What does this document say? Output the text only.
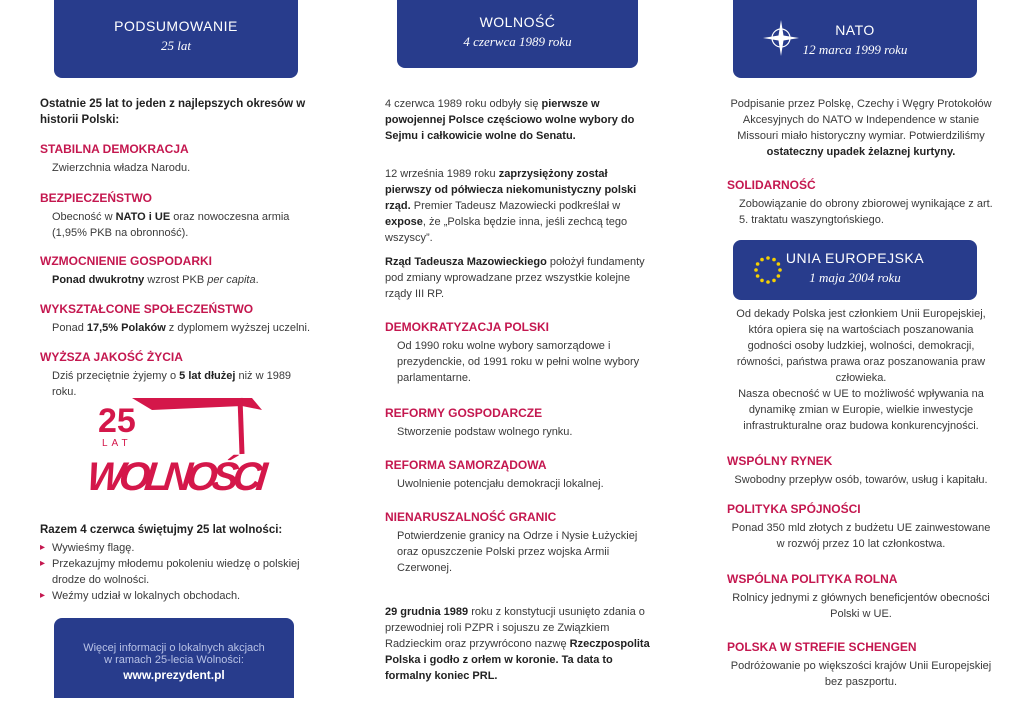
PODSUMOWANIE
25 lat
Ostatnie 25 lat to jeden z najlepszych okresów w historii Polski:
STABILNA DEMOKRACJA
Zwierzchnia władza Narodu.
BEZPIECZEŃSTWO
Obecność w NATO i UE oraz nowoczesna armia (1,95% PKB na obronność).
WZMOCNIENIE GOSPODARKI
Ponad dwukrotny wzrost PKB per capita.
WYKSZTAŁCONE SPOŁECZEŃSTWO
Ponad 17,5% Polaków z dyplomem wyższej uczelni.
WYŻSZA JAKOŚĆ ŻYCIA
Dziś przeciętnie żyjemy o 5 lat dłużej niż w 1989 roku.
25
LAT
WOLNOŚCI
Razem 4 czerwca świętujmy 25 lat wolności:
▸ Wywieśmy flagę.
▸ Przekazujmy młodemu pokoleniu wiedzę o polskiej drodze do wolności.
▸ Weźmy udział w lokalnych obchodach.
Więcej informacji o lokalnych akcjach
w ramach 25-lecia Wolności:
www.prezydent.pl
WOLNOŚĆ
4 czerwca 1989 roku
4 czerwca 1989 roku odbyły się pierwsze w powojennej Polsce częściowo wolne wybory do Sejmu i całkowicie wolne do Senatu.
12 września 1989 roku zaprzysiężony został pierwszy od półwiecza niekomunistyczny polski rząd. Premier Tadeusz Mazowiecki podkreślał w expose, że „Polska będzie inna, jeśli zechcą tego wszyscy”.
Rząd Tadeusza Mazowieckiego położył fundamenty pod zmiany wprowadzane przez wszystkie kolejne rządy III RP.
DEMOKRATYZACJA POLSKI
Od 1990 roku wolne wybory samorządowe i prezydenckie, od 1991 roku w pełni wolne wybory parlamentarne.
REFORMY GOSPODARCZE
Stworzenie podstaw wolnego rynku.
REFORMA SAMORZĄDOWA
Uwolnienie potencjału demokracji lokalnej.
NIENARUSZALNOŚĆ GRANIC
Potwierdzenie granicy na Odrze i Nysie Łużyckiej oraz opuszczenie Polski przez wojska Armii Czerwonej.
29 grudnia 1989 roku z konstytucji usunięto zdania o przewodniej roli PZPR i sojuszu ze Związkiem Radzieckim oraz przywrócono nazwę Rzeczpospolita Polska i godło z orłem w koronie. Ta data to formalny koniec PRL.
NATO
12 marca 1999 roku
Podpisanie przez Polskę, Czechy i Węgry Protokołów Akcesyjnych do NATO w Independence w stanie Missouri miało historyczny wymiar. Potwierdziliśmy ostateczny upadek żelaznej kurtyny.
SOLIDARNOŚĆ
Zobowiązanie do obrony zbiorowej wynikające z art. 5. traktatu waszyngtońskiego.
UNIA EUROPEJSKA
1 maja 2004 roku
Od dekady Polska jest członkiem Unii Europejskiej, która opiera się na wartościach poszanowania godności osoby ludzkiej, wolności, demokracji, równości, państwa prawa oraz poszanowania praw człowieka.
Nasza obecność w UE to możliwość wpływania na dynamikę zmian w Europie, wielkie inwestycje infrastrukturalne oraz budowa konkurencyjności.
WSPÓLNY RYNEK
Swobodny przepływ osób, towarów, usług i kapitału.
POLITYKA SPÓJNOŚCI
Ponad 350 mld złotych z budżetu UE zainwestowane w rozwój przez 10 lat członkostwa.
WSPÓLNA POLITYKA ROLNA
Rolnicy jednymi z głównych beneficjentów obecności Polski w UE.
POLSKA W STREFIE SCHENGEN
Podróżowanie po większości krajów Unii Europejskiej bez paszportu.
